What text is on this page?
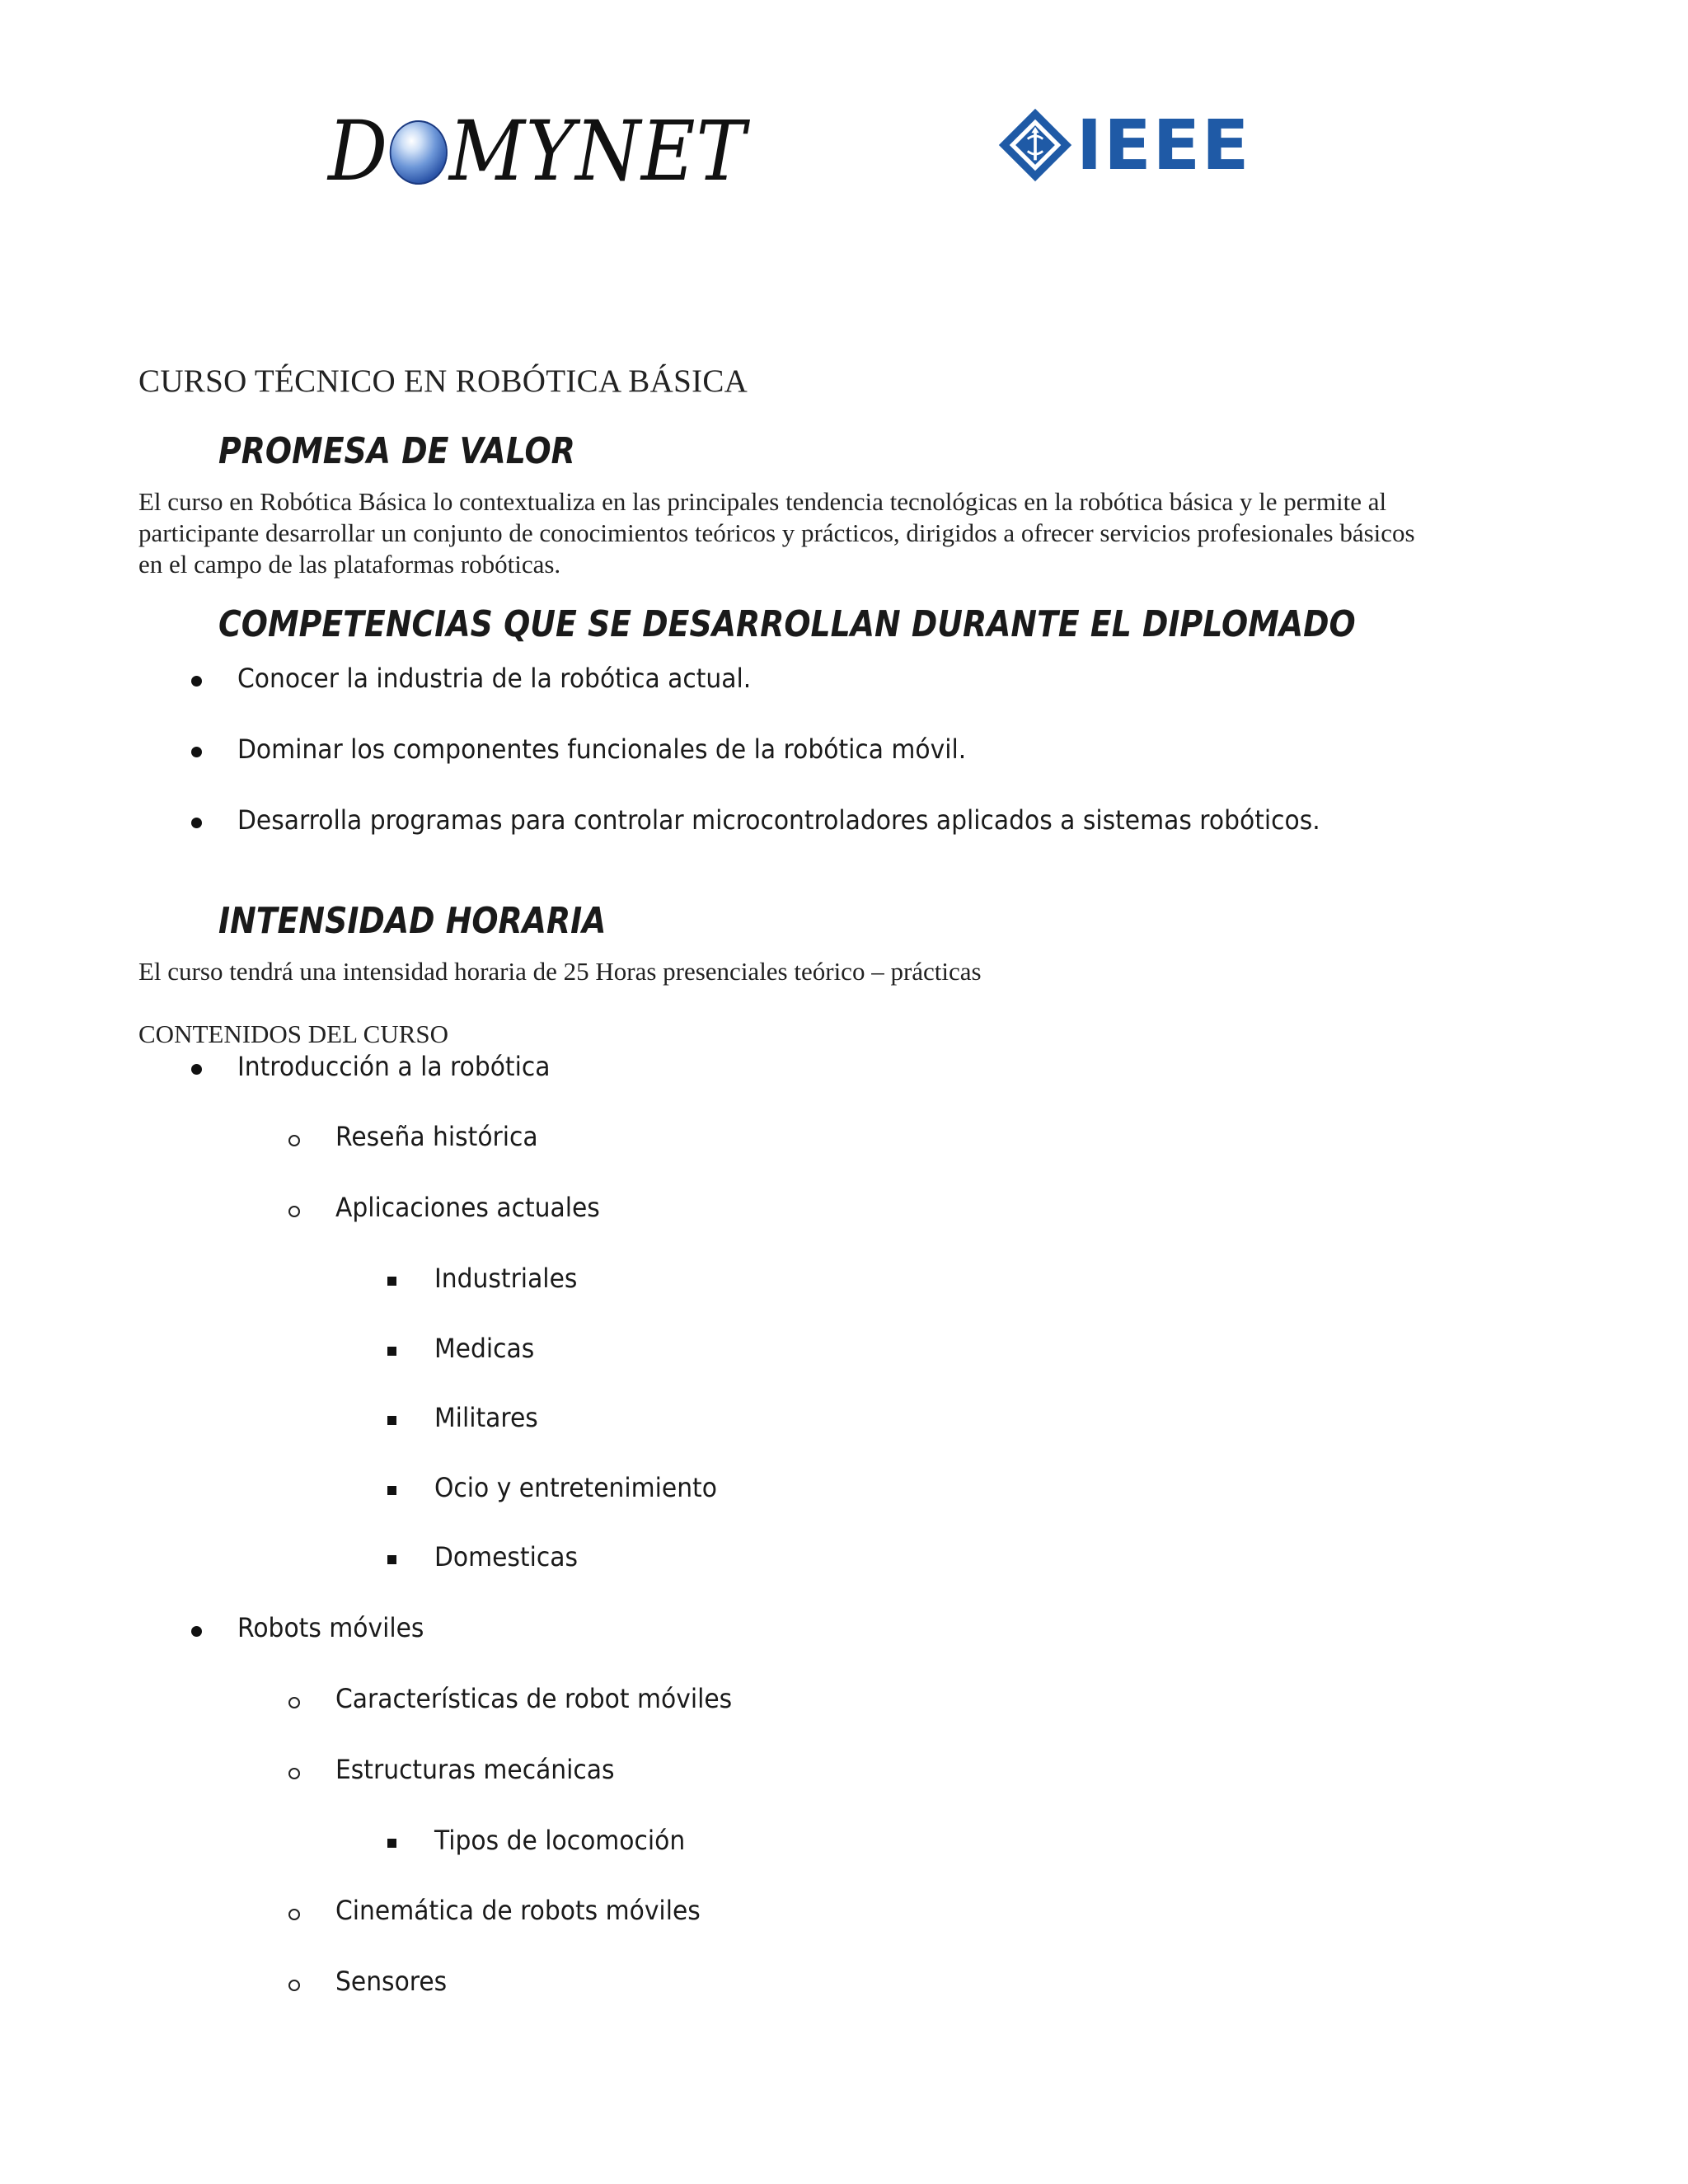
D MYNET	IEEE
CURSO TÉCNICO EN ROBÓTICA BÁSICA
PROMESA DE VALOR
El curso en Robótica Básica lo contextualiza en las principales tendencia tecnológicas en la robótica básica y le permite al
participante desarrollar un conjunto de conocimientos teóricos y prácticos, dirigidos a ofrecer servicios profesionales básicos
en el campo de las plataformas robóticas.
COMPETENCIAS QUE SE DESARROLLAN DURANTE EL DIPLOMADO
Conocer la industria de la robótica actual.
Dominar los componentes funcionales de la robótica móvil.
Desarrolla programas para controlar microcontroladores aplicados a sistemas robóticos.
INTENSIDAD HORARIA
El curso tendrá una intensidad horaria de 25 Horas presenciales teórico – prácticas
CONTENIDOS DEL CURSO
Introducción a la robótica
Reseña histórica
Aplicaciones actuales
Industriales
Medicas
Militares
Ocio y entretenimiento
Domesticas
Robots móviles
Características de robot móviles
Estructuras mecánicas
Tipos de locomoción
Cinemática de robots móviles
Sensores
